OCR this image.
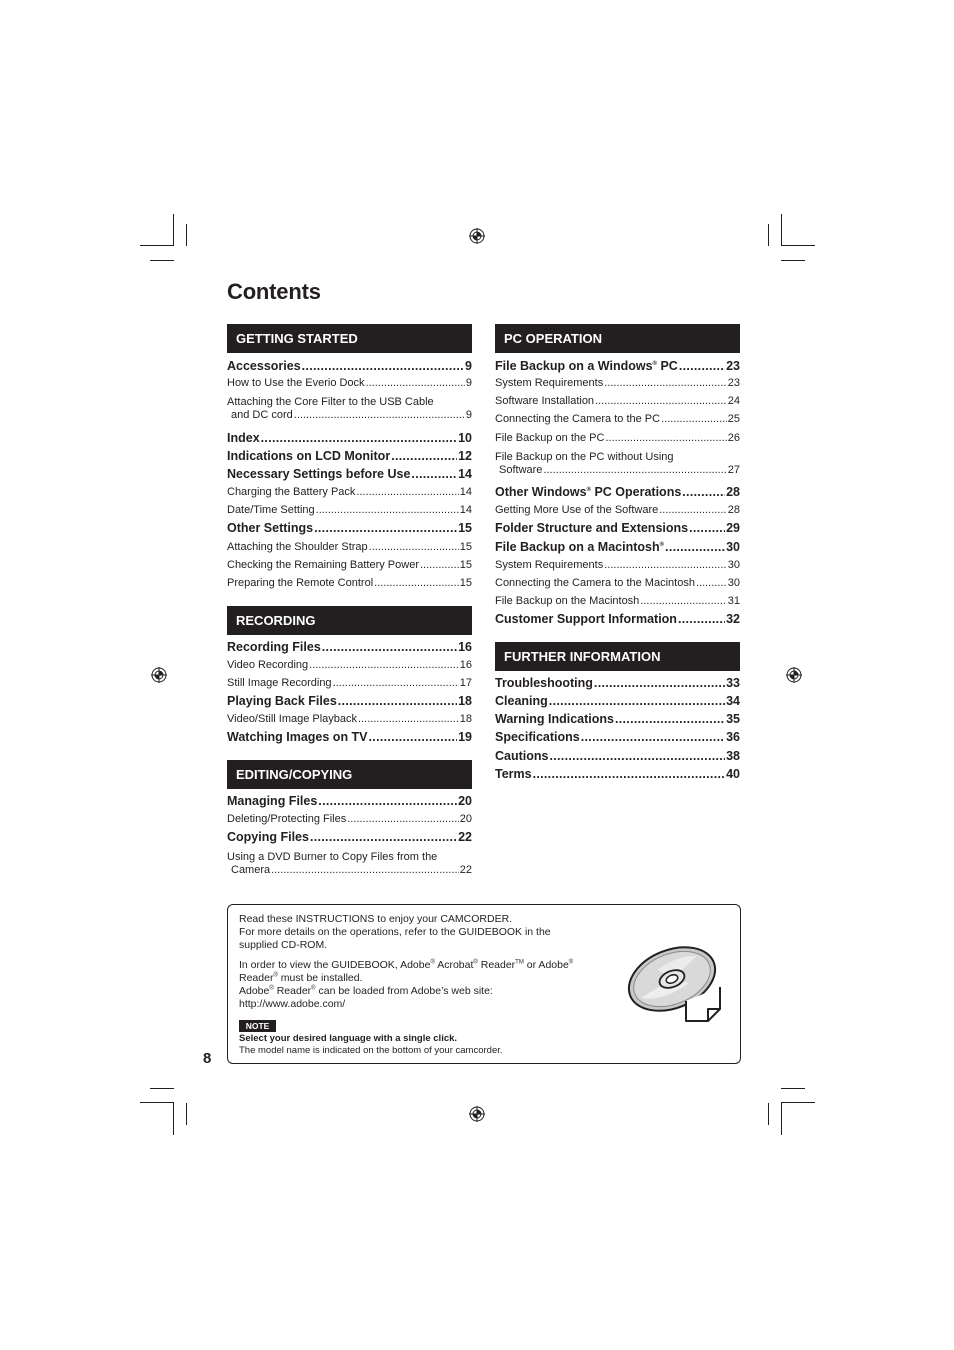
Contents
GETTING STARTED
Accessories .....	9
How to Use the Everio Dock .....	9
Attaching the Core Filter to the USB Cable
and DC cord .....	9
Index .....	10
Indications on LCD Monitor .....	12
Necessary Settings before Use .....	14
Charging the Battery Pack .....	14
Date/Time Setting .....	14
Other Settings .....	15
Attaching the Shoulder Strap .....	15
Checking the Remaining Battery Power .....	15
Preparing the Remote Control .....	15
RECORDING
Recording Files .....	16
Video Recording .....	16
Still Image Recording .....	17
Playing Back Files .....	18
Video/Still Image Playback .....	18
Watching Images on TV .....	19
EDITING/COPYING
Managing Files .....	20
Deleting/Protecting Files .....	20
Copying Files .....	22
Using a DVD Burner to Copy Files from the
Camera .....	22
PC OPERATION
File Backup on a Windows® PC .....	23
System Requirements .....	23
Software Installation .....	24
Connecting the Camera to the PC .....	25
File Backup on the PC .....	26
File Backup on the PC without Using
Software .....	27
Other Windows® PC Operations .....	28
Getting More Use of the Software .....	28
Folder Structure and Extensions .....	29
File Backup on a Macintosh® .....	30
System Requirements .....	30
Connecting the Camera to the Macintosh .....	30
File Backup on the Macintosh .....	31
Customer Support Information .....	32
FURTHER INFORMATION
Troubleshooting .....	33
Cleaning .....	34
Warning Indications .....	35
Specifications .....	36
Cautions .....	38
Terms .....	40
Read these INSTRUCTIONS to enjoy your CAMCORDER.
For more details on the operations, refer to the GUIDEBOOK in the
supplied CD-ROM.
In order to view the GUIDEBOOK, Adobe® Acrobat® Reader™ or Adobe®
Reader® must be installed.
Adobe® Reader® can be loaded from Adobe’s web site:
http://www.adobe.com/
NOTE
Select your desired language with a single click.
The model name is indicated on the bottom of your camcorder.
8
